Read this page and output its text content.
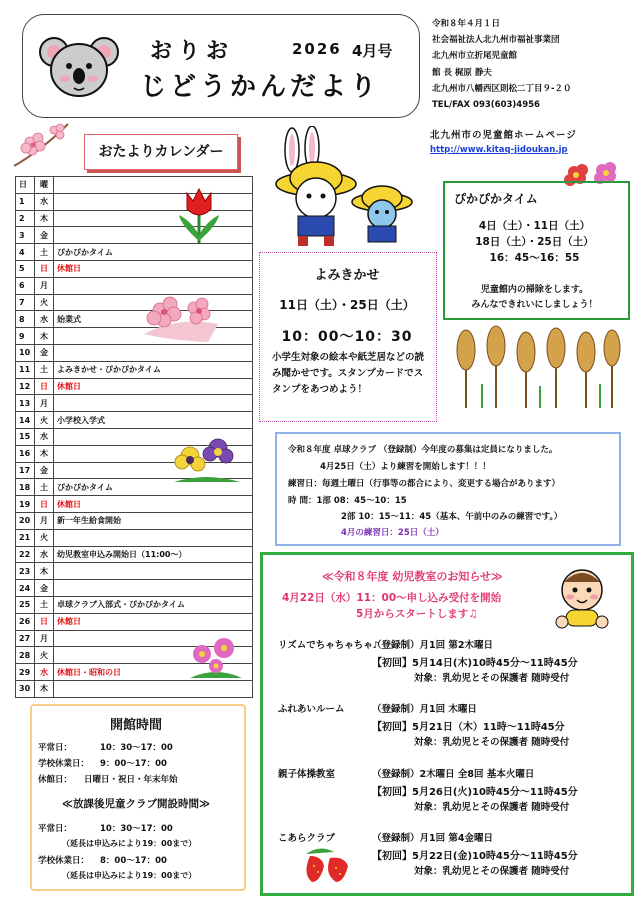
おりお	2026 4月号
じどうかんだより
令和８年４月１日
社会福祉法人北九州市福祉事業団
北九州市立折尾児童館
館 長 梶原 静夫
北九州市八幡西区則松二丁目９-２０
TEL/FAX 093(603)4956
おたよりカレンダー
日	曜	
1	水	
2	木	
3	金	
4	土	ぴかぴかタイム
5	日	休館日
6	月	
7	火	
8	水	始業式
9	木	
10	金	
11	土	よみきかせ・ぴかぴかタイム
12	日	休館日
13	月	
14	火	小学校入学式
15	水	
16	木	
17	金	
18	土	ぴかぴかタイム
19	日	休館日
20	月	新一年生給食開始
21	火	
22	水	幼児教室申込み開始日（11:00～）
23	木	
24	金	
25	土	卓球クラブ入部式・ぴかぴかタイム
26	日	休館日
27	月	
28	火	
29	水	休館日・昭和の日
30	木	
開館時間
平常日：	10：30～17：00
学校休業日： 9：00～17：00
休館日： 日曜日・祝日・年末年始
≪放課後児童クラブ開設時間≫
平常日：	10：30～17：00
（延長は申込みにより19：00まで）
学校休業日： 8：00～17：00
（延長は申込みにより19：00まで）
よみきかせ
11日（土）・25日（土）
10：00～10：30
小学生対象の絵本や紙芝居などの読み聞かせです。スタンプカードでスタンプをあつめよう！
北九州市の児童館ホームページ
http://www.kitaq-jidoukan.jp
ぴかぴかタイム
4日（土）・11日（土）
18日（土）・25日（土）
16：45～16：55
児童館内の掃除をします。
みんなできれいにしましょう！
令和８年度 卓球クラブ （登録制）今年度の募集は定員になりました。
4月25日（土）より練習を開始します！！！
練習日：毎週土曜日（行事等の都合により、変更する場合があります）
時 間：1部 08：45～10：15
2部 10：15～11：45（基本、午前中のみの練習です。）
4月の練習日：25日（土）
≪令和８年度 幼児教室のお知らせ≫
4月22日（水）11：00～申し込み受付を開始
5月からスタートします♫
リズムでちゃちゃちゃ♪
（登録制）月1回 第2木曜日
【初回】5月14日(木)10時45分～11時45分
対象：乳幼児とその保護者 随時受付
ふれあいルーム	（登録制）月1回 木曜日
【初回】5月21日（木）11時～11時45分
対象：乳幼児とその保護者 随時受付
親子体操教室	（登録制）2木曜日 全8回 基本火曜日
【初回】5月26日(火)10時45分～11時45分
対象：乳幼児とその保護者 随時受付
こあらクラブ	（登録制）月1回 第4金曜日
【初回】5月22日(金)10時45分～11時45分
対象：乳幼児とその保護者 随時受付
